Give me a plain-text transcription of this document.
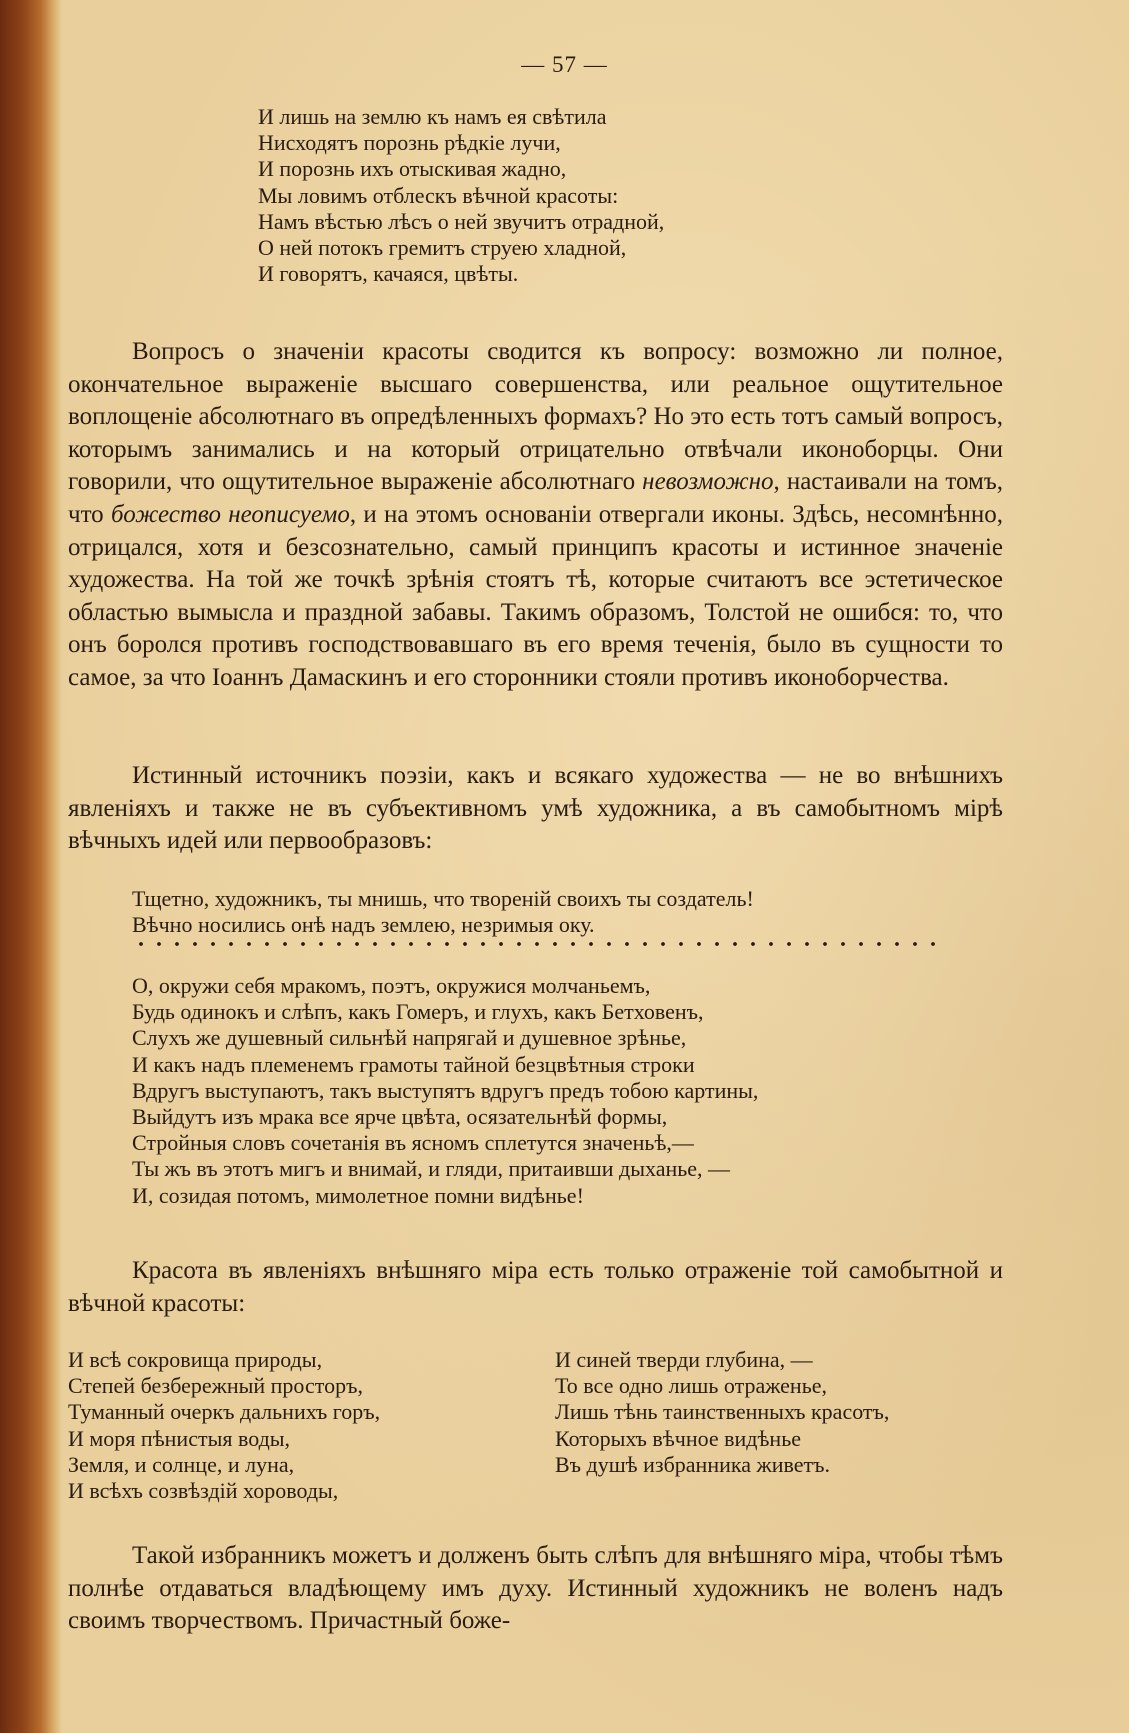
— 57 —
И лишь на землю къ намъ ея свѣтила
Нисходятъ порознь рѣдкіе лучи,
И порознь ихъ отыскивая жадно,
Мы ловимъ отблескъ вѣчной красоты:
Намъ вѣстью лѣсъ о ней звучитъ отрадной,
О ней потокъ гремитъ струею хладной,
И говорятъ, качаяся, цвѣты.
Вопросъ о значеніи красоты сводится къ вопросу: возможно ли полное, окончательное выраженіе высшаго совершенства, или реальное ощутительное воплощеніе абсолютнаго въ опредѣленныхъ формахъ? Но это есть тотъ самый вопросъ, которымъ занимались и на который отрицательно отвѣчали иконоборцы. Они говорили, что ощутительное выраженіе абсолютнаго невозможно, настаивали на томъ, что божество неописуемо, и на этомъ основаніи отвергали иконы. Здѣсь, несомнѣнно, отрицался, хотя и безсознательно, самый принципъ красоты и истинное значеніе художества. На той же точкѣ зрѣнія стоятъ тѣ, которые считаютъ все эстетическое областью вымысла и праздной забавы. Такимъ образомъ, Толстой не ошибся: то, что онъ боролся противъ господствовавшаго въ его время теченія, было въ сущности то самое, за что Іоаннъ Дамаскинъ и его сторонники стояли противъ иконоборчества.
Истинный источникъ поэзіи, какъ и всякаго художества — не во внѣшнихъ явленіяхъ и также не въ субъективномъ умѣ художника, а въ самобытномъ мірѣ вѣчныхъ идей или первообразовъ:
Тщетно, художникъ, ты мнишь, что твореній своихъ ты создатель!
Вѣчно носились онѣ надъ землею, незримыя оку.
О, окружи себя мракомъ, поэтъ, окружися молчаньемъ,
Будь одинокъ и слѣпъ, какъ Гомеръ, и глухъ, какъ Бетховенъ,
Слухъ же душевный сильнѣй напрягай и душевное зрѣнье,
И какъ надъ племенемъ грамоты тайной безцвѣтныя строки
Вдругъ выступаютъ, такъ выступятъ вдругъ предъ тобою картины,
Выйдутъ изъ мрака все ярче цвѣта, осязательнѣй формы,
Стройныя словъ сочетанія въ ясномъ сплетутся значеньѣ,—
Ты жъ въ этотъ мигъ и внимай, и гляди, притаивши дыханье, —
И, созидая потомъ, мимолетное помни видѣнье!
Красота въ явленіяхъ внѣшняго міра есть только отраженіе той самобытной и вѣчной красоты:
И всѣ сокровища природы,
Степей безбережный просторъ,
Туманный очеркъ дальнихъ горъ,
И моря пѣнистыя воды,
Земля, и солнце, и луна,
И всѣхъ созвѣздій хороводы,
И синей тверди глубина, —
То все одно лишь отраженье,
Лишь тѣнь таинственныхъ красотъ,
Которыхъ вѣчное видѣнье
Въ душѣ избранника живетъ.
Такой избранникъ можетъ и долженъ быть слѣпъ для внѣшняго міра, чтобы тѣмъ полнѣе отдаваться владѣющему имъ духу. Истинный художникъ не воленъ надъ своимъ творчествомъ. Причастный боже-
